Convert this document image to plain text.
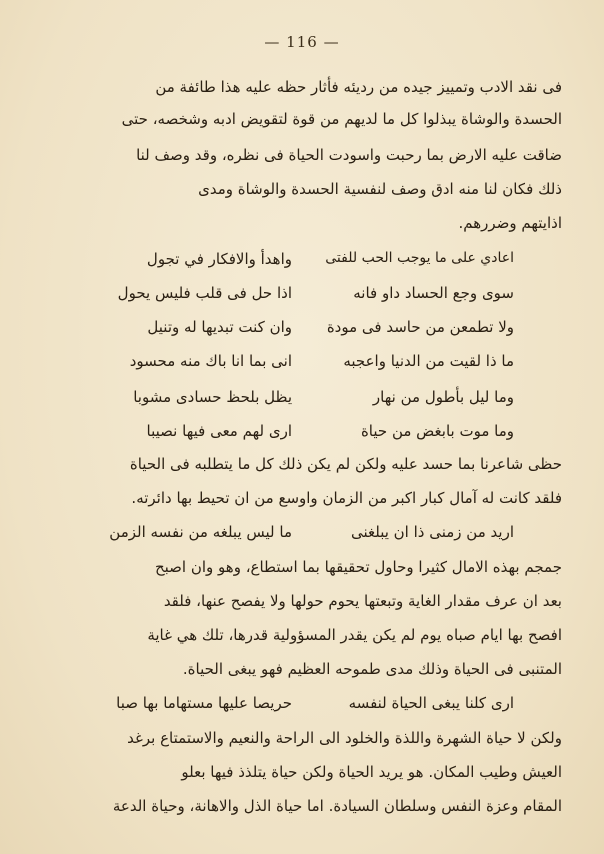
— 116 —
فى نقد الادب وتمييز جيده من رديئه فأثار حظه عليه هذا طائفة من
الحسدة والوشاة يبذلوا كل ما لديهم من قوة لتقويض ادبه وشخصه، حتى
ضاقت عليه الارض بما رحبت واسودت الحياة فى نظره، وقد وصف لنا
ذلك فكان لنا منه ادق وصف لنفسية الحسدة والوشاة ومدى
اذايتهم وضررهم.
اعادي على ما يوجب الحب للفتى
واهدأ والافكار في تجول
سوى وجع الحساد داو فانه
اذا حل فى قلب فليس يحول
ولا تطمعن من حاسد فى مودة
وان كنت تبديها له وتنيل
ما ذا لقيت من الدنيا واعجبه
انى بما انا باك منه محسود
وما ليل بأطول من نهار
يظل بلحظ حسادى مشوبا
وما موت بابغض من حياة
ارى لهم معى فيها نصيبا
حظى شاعرنا بما حسد عليه ولكن لم يكن ذلك كل ما يتطلبه فى الحياة
فلقد كانت له آمال كبار اكبر من الزمان واوسع من ان تحيط بها دائرته.
اريد من زمنى ذا ان يبلغنى
ما ليس يبلغه من نفسه الزمن
جمجم بهذه الامال كثيرا وحاول تحقيقها بما استطاع، وهو وان اصبح
بعد ان عرف مقدار الغاية وتبعتها يحوم حولها ولا يفصح عنها، فلقد
افصح بها ايام صباه يوم لم يكن يقدر المسؤولية قدرها، تلك هي غاية
المتنبى فى الحياة وذلك مدى طموحه العظيم فهو يبغى الحياة.
ارى كلنا يبغى الحياة لنفسه
حريصا عليها مستهاما بها صبا
ولكن لا حياة الشهرة واللذة والخلود الى الراحة والنعيم والاستمتاع برغد
العيش وطيب المكان. هو يريد الحياة ولكن حياة يتلذذ فيها بعلو
المقام وعزة النفس وسلطان السيادة. اما حياة الذل والاهانة، وحياة الدعة
